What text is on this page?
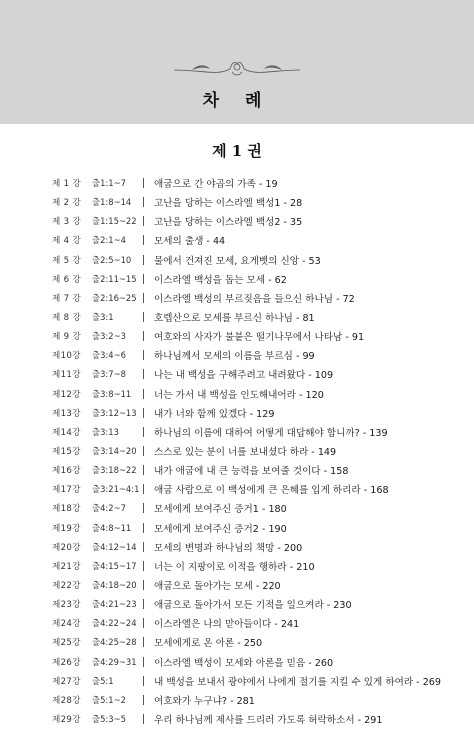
차 례
제 1 권
제 1 강 출1:1~7	애굽으로 간 야곱의 가족 - 19
제 2 강 출1:8~14 고난을 당하는 이스라엘 백성1 - 28
제 3 강 출1:15~22 고난을 당하는 이스라엘 백성2 - 35
제 4 강 출2:1~4	모세의 출생 - 44
제 5 강 출2:5~10 물에서 건져진 모세, 요게벳의 신앙 - 53
제 6 강 출2:11~15 이스라엘 백성을 돕는 모세 - 62
제 7 강 출2:16~25 이스라엘 백성의 부르짖음을 들으신 하나님 - 72
제 8 강 출3:1	호렙산으로 모세를 부르신 하나님 - 81
제 9 강 출3:2~3	여호와의 사자가 불붙은 떨기나무에서 나타남 - 91
제10강 출3:4~6	하나님께서 모세의 이름을 부르심 - 99
제11강 출3:7~8	나는 내 백성을 구해주려고 내려왔다 - 109
제12강 출3:8~11 너는 가서 내 백성을 인도해내어라 - 120
제13강 출3:12~13 내가 너와 함께 있겠다 - 129
제14강 출3:13	하나님의 이름에 대하여 어떻게 대답해야 합니까? - 139
제15강 출3:14~20 스스로 있는 분이 너를 보내셨다 하라 - 149
제16강 출3:18~22 내가 애굽에 내 큰 능력을 보여줄 것이다 - 158
제17강 출3:21~4:1 애굽 사람으로 이 백성에게 큰 은혜를 입게 하리라 - 168
제18강 출4:2~7	모세에게 보여주신 증거1 - 180
제19강 출4:8~11 모세에게 보여주신 증거2 - 190
제20강 출4:12~14 모세의 변명과 하나님의 책망 - 200
제21강 출4:15~17 너는 이 지팡이로 이적을 행하라 - 210
제22강 출4:18~20 애굽으로 돌아가는 모세 - 220
제23강 출4:21~23 애굽으로 돌아가서 모든 기적을 일으켜라 - 230
제24강 출4:22~24 이스라엘은 나의 맏아들이다 - 241
제25강 출4:25~28 모세에게로 온 아론 - 250
제26강 출4:29~31 이스라엘 백성이 모세와 아론을 믿음 - 260
제27강 출5:1	내 백성을 보내서 광야에서 나에게 절기를 지킬 수 있게 하여라 - 269
제28강 출5:1~2	여호와가 누구냐? - 281
제29강 출5:3~5	우리 하나님께 제사를 드리러 가도록 허락하소서 - 291
